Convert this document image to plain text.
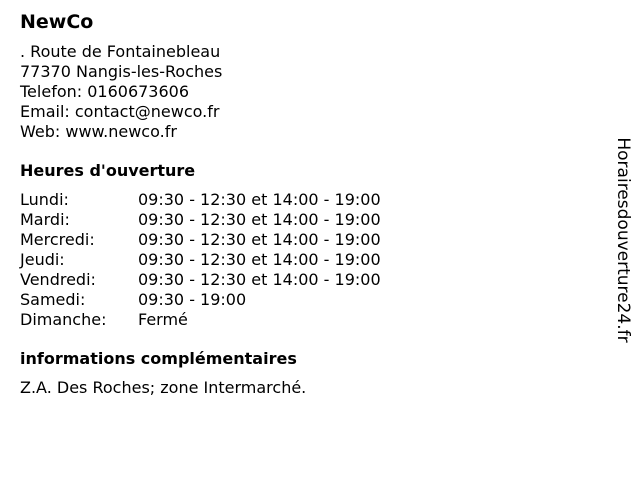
NewCo
. Route de Fontainebleau
77370 Nangis-les-Roches
Telefon: 0160673606
Email: contact@newco.fr
Web: www.newco.fr
Heures d'ouverture
Lundi:	09:30 - 12:30 et 14:00 - 19:00
Mardi:	09:30 - 12:30 et 14:00 - 19:00
Mercredi:	09:30 - 12:30 et 14:00 - 19:00
Jeudi:	09:30 - 12:30 et 14:00 - 19:00
Vendredi:	09:30 - 12:30 et 14:00 - 19:00
Samedi:	09:30 - 19:00
Dimanche: Fermé
informations complémentaires
Z.A. Des Roches; zone Intermarché.
Horairesdouverture24.fr
